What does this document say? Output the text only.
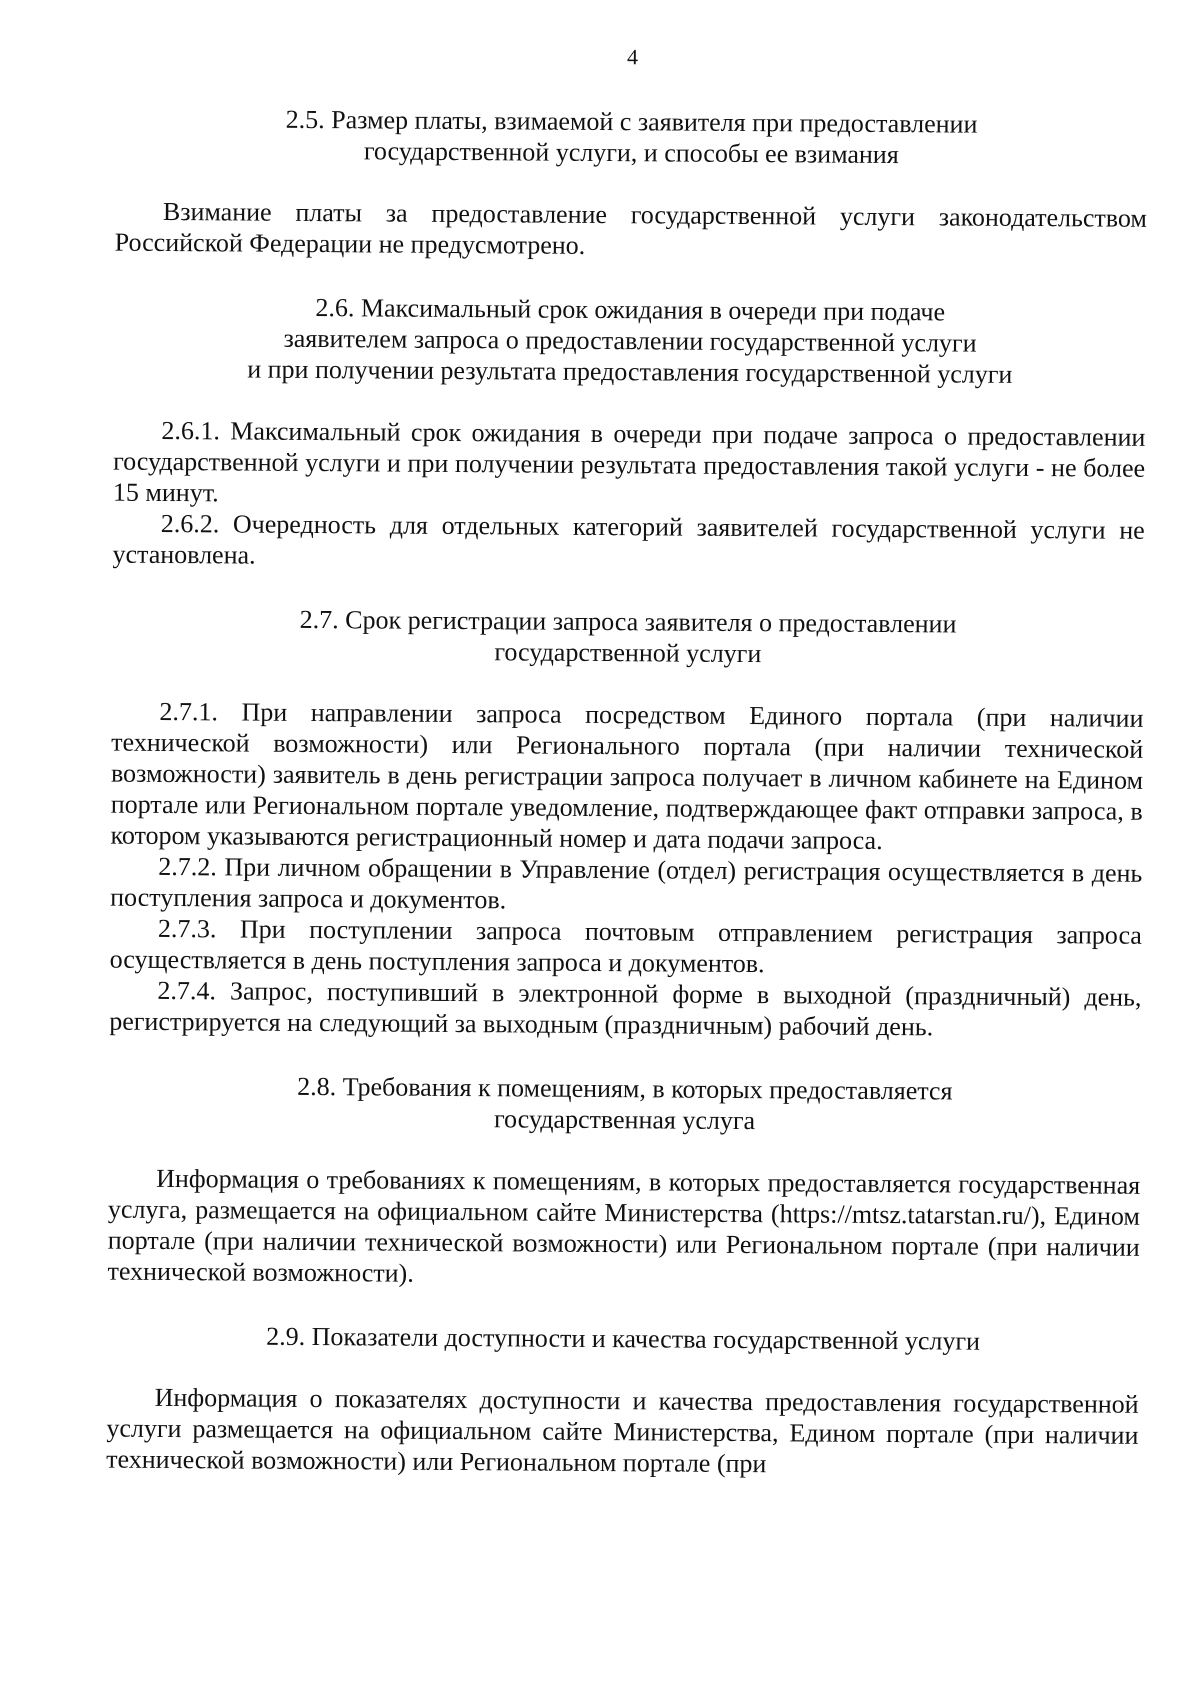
4
2.5. Размер платы, взимаемой с заявителя при предоставлении
государственной услуги, и способы ее взимания

Взимание платы за предоставление государственной услуги законодательством Российской Федерации не предусмотрено.

2.6. Максимальный срок ожидания в очереди при подаче
заявителем запроса о предоставлении государственной услуги
и при получении результата предоставления государственной услуги

2.6.1. Максимальный срок ожидания в очереди при подаче запроса о предоставлении государственной услуги и при получении результата предоставления такой услуги - не более 15 минут.

2.6.2. Очередность для отдельных категорий заявителей государственной услуги не установлена.

2.7. Срок регистрации запроса заявителя о предоставлении
государственной услуги

2.7.1. При направлении запроса посредством Единого портала (при наличии технической возможности) или Регионального портала (при наличии технической возможности) заявитель в день регистрации запроса получает в личном кабинете на Едином портале или Региональном портале уведомление, подтверждающее факт отправки запроса, в котором указываются регистрационный номер и дата подачи запроса.

2.7.2. При личном обращении в Управление (отдел) регистрация осуществляется в день поступления запроса и документов.

2.7.3. При поступлении запроса почтовым отправлением регистрация запроса осуществляется в день поступления запроса и документов.

2.7.4. Запрос, поступивший в электронной форме в выходной (праздничный) день, регистрируется на следующий за выходным (праздничным) рабочий день.

2.8. Требования к помещениям, в которых предоставляется
государственная услуга

Информация о требованиях к помещениям, в которых предоставляется государственная услуга, размещается на официальном сайте Министерства (https://mtsz.tatarstan.ru/), Едином портале (при наличии технической возможности) или Региональном портале (при наличии технической возможности).

2.9. Показатели доступности и качества государственной услуги

Информация о показателях доступности и качества предоставления государственной услуги размещается на официальном сайте Министерства, Едином портале (при наличии технической возможности) или Региональном портале (при
